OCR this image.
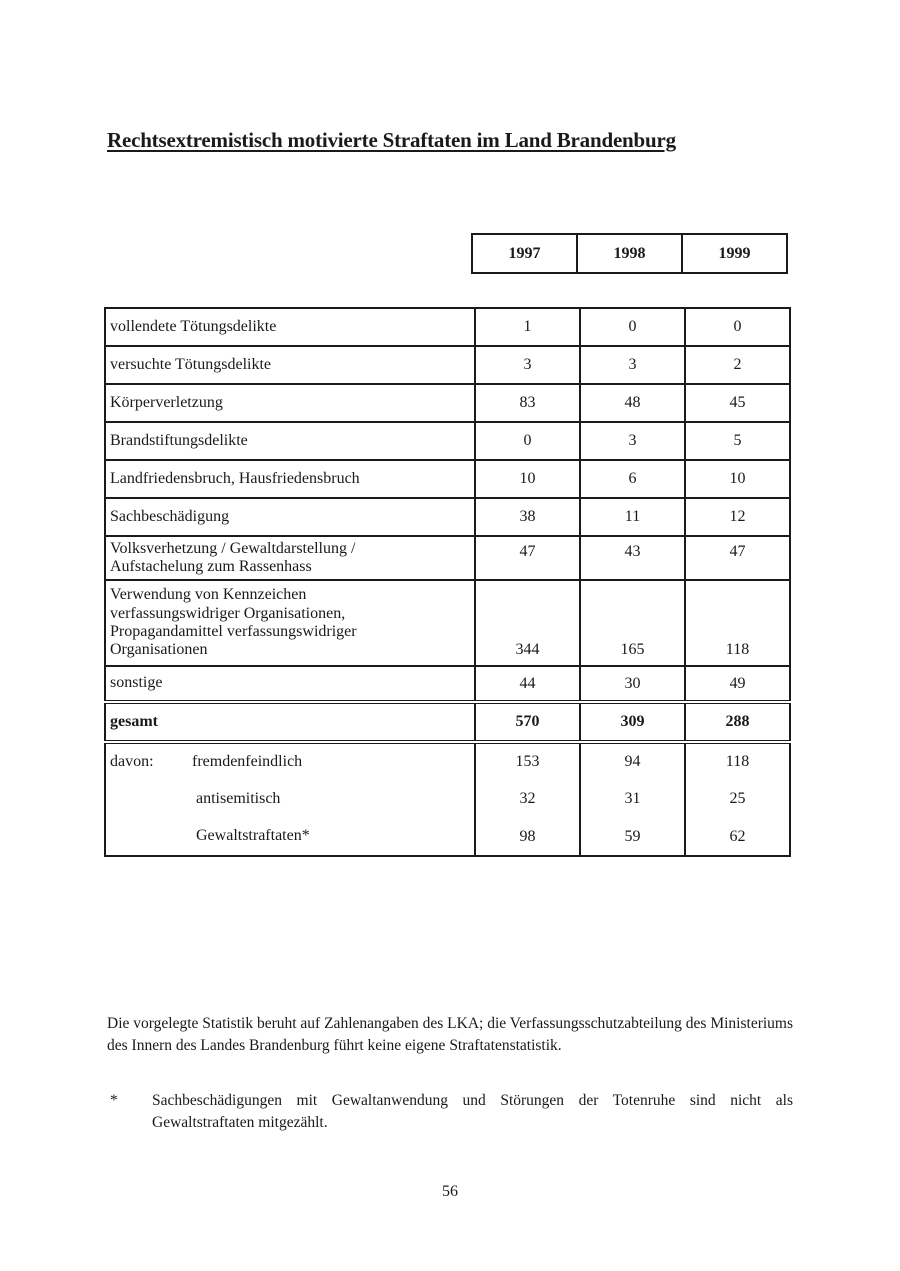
Rechtsextremistisch motivierte Straftaten im Land Brandenburg
1997	1998	1999
vollendete Tötungsdelikte	1	0	0
versuchte Tötungsdelikte	3	3	2
Körperverletzung	83	48	45
Brandstiftungsdelikte	0	3	5
Landfriedensbruch, Hausfriedensbruch	10	6	10
Sachbeschädigung	38	11	12

Volksverhetzung / Gewaltdarstellung /
Aufstachelung zum Rassenhass	47	43	47

Verwendung von Kennzeichen
verfassungswidriger Organisationen,
Propagandamittel verfassungswidriger
Organisationen	344	165	118
sonstige	44	30	49
gesamt	570	309	288
davon: fremdenfeindlich	153	94	118
antisemitisch	32	31	25
Gewaltstraftaten*	98	59	62
Die vorgelegte Statistik beruht auf Zahlenangaben des LKA; die Verfassungsschutzabteilung des Ministeriums des Innern des Landes Brandenburg führt keine eigene Straftatenstatistik.
* Sachbeschädigungen mit Gewaltanwendung und Störungen der Totenruhe sind nicht als Gewaltstraftaten mitgezählt.
56
